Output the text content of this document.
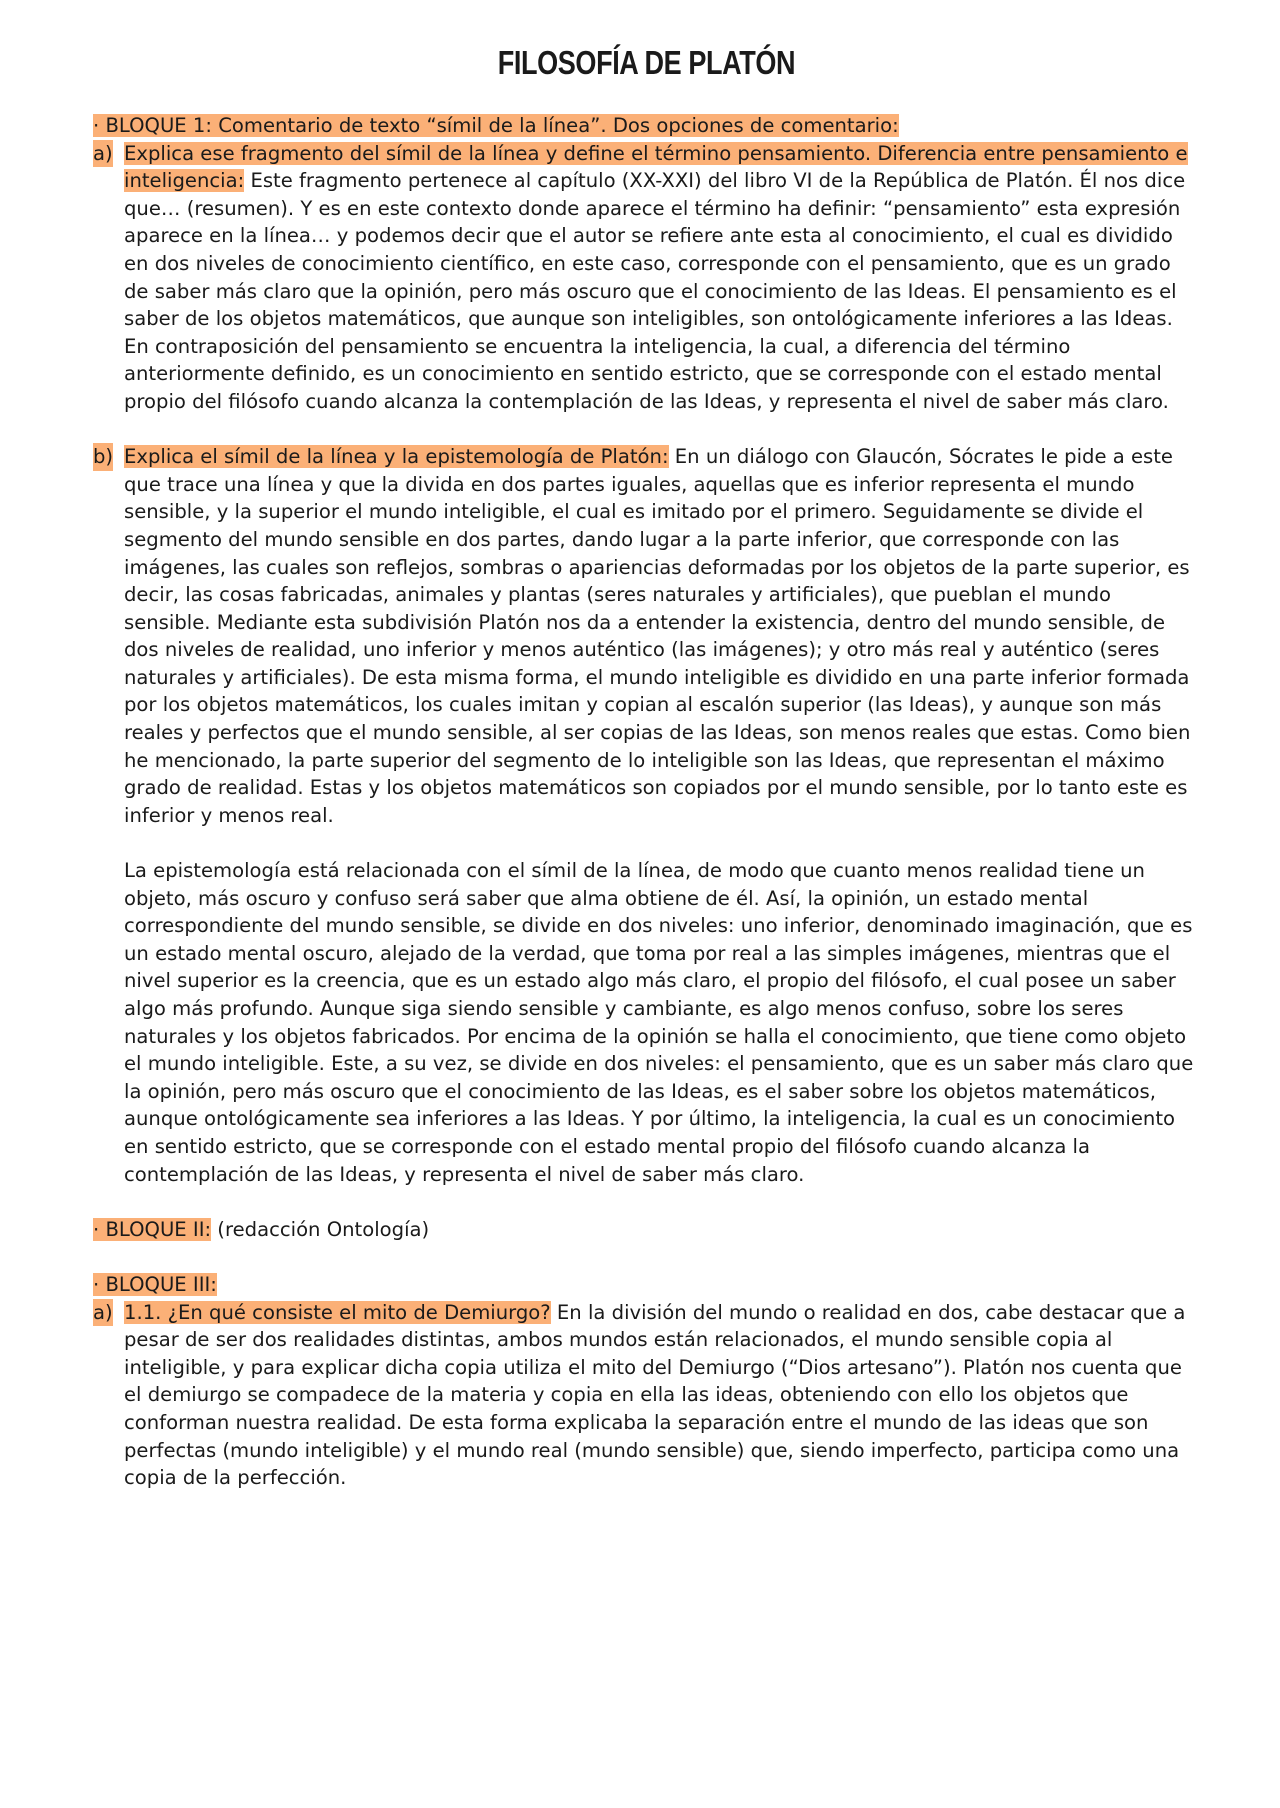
FILOSOFÍA DE PLATÓN

· BLOQUE 1: Comentario de texto “símil de la línea”. Dos opciones de comentario:

a) Explica ese fragmento del símil de la línea y define el término pensamiento. Diferencia entre pensamiento e inteligencia: Este fragmento pertenece al capítulo (XX-XXI) del libro VI de la República de Platón. Él nos dice que… (resumen). Y es en este contexto donde aparece el término ha definir: “pensamiento” esta expresión aparece en la línea… y podemos decir que el autor se refiere ante esta al conocimiento, el cual es dividido en dos niveles de conocimiento científico, en este caso, corresponde con el pensamiento, que es un grado de saber más claro que la opinión, pero más oscuro que el conocimiento de las Ideas. El pensamiento es el saber de los objetos matemáticos, que aunque son inteligibles, son ontológicamente inferiores a las Ideas. En contraposición del pensamiento se encuentra la inteligencia, la cual, a diferencia del término anteriormente definido, es un conocimiento en sentido estricto, que se corresponde con el estado mental propio del filósofo cuando alcanza la contemplación de las Ideas, y representa el nivel de saber más claro.

b) Explica el símil de la línea y la epistemología de Platón: En un diálogo con Glaucón, Sócrates le pide a este que trace una línea y que la divida en dos partes iguales, aquellas que es inferior representa el mundo sensible, y la superior el mundo inteligible, el cual es imitado por el primero. Seguidamente se divide el segmento del mundo sensible en dos partes, dando lugar a la parte inferior, que corresponde con las imágenes, las cuales son reflejos, sombras o apariencias deformadas por los objetos de la parte superior, es decir, las cosas fabricadas, animales y plantas (seres naturales y artificiales), que pueblan el mundo sensible. Mediante esta subdivisión Platón nos da a entender la existencia, dentro del mundo sensible, de dos niveles de realidad, uno inferior y menos auténtico (las imágenes); y otro más real y auténtico (seres naturales y artificiales). De esta misma forma, el mundo inteligible es dividido en una parte inferior formada por los objetos matemáticos, los cuales imitan y copian al escalón superior (las Ideas), y aunque son más reales y perfectos que el mundo sensible, al ser copias de las Ideas, son menos reales que estas. Como bien he mencionado, la parte superior del segmento de lo inteligible son las Ideas, que representan el máximo grado de realidad. Estas y los objetos matemáticos son copiados por el mundo sensible, por lo tanto este es inferior y menos real.

La epistemología está relacionada con el símil de la línea, de modo que cuanto menos realidad tiene un objeto, más oscuro y confuso será saber que alma obtiene de él. Así, la opinión, un estado mental correspondiente del mundo sensible, se divide en dos niveles: uno inferior, denominado imaginación, que es un estado mental oscuro, alejado de la verdad, que toma por real a las simples imágenes, mientras que el nivel superior es la creencia, que es un estado algo más claro, el propio del filósofo, el cual posee un saber algo más profundo. Aunque siga siendo sensible y cambiante, es algo menos confuso, sobre los seres naturales y los objetos fabricados. Por encima de la opinión se halla el conocimiento, que tiene como objeto el mundo inteligible. Este, a su vez, se divide en dos niveles: el pensamiento, que es un saber más claro que la opinión, pero más oscuro que el conocimiento de las Ideas, es el saber sobre los objetos matemáticos, aunque ontológicamente sea inferiores a las Ideas. Y por último, la inteligencia, la cual es un conocimiento en sentido estricto, que se corresponde con el estado mental propio del filósofo cuando alcanza la contemplación de las Ideas, y representa el nivel de saber más claro.

· BLOQUE II: (redacción Ontología)

· BLOQUE III:

a) 1.1. ¿En qué consiste el mito de Demiurgo? En la división del mundo o realidad en dos, cabe destacar que a pesar de ser dos realidades distintas, ambos mundos están relacionados, el mundo sensible copia al inteligible, y para explicar dicha copia utiliza el mito del Demiurgo (“Dios artesano”). Platón nos cuenta que el demiurgo se compadece de la materia y copia en ella las ideas, obteniendo con ello los objetos que conforman nuestra realidad. De esta forma explicaba la separación entre el mundo de las ideas que son perfectas (mundo inteligible) y el mundo real (mundo sensible) que, siendo imperfecto, participa como una copia de la perfección.
